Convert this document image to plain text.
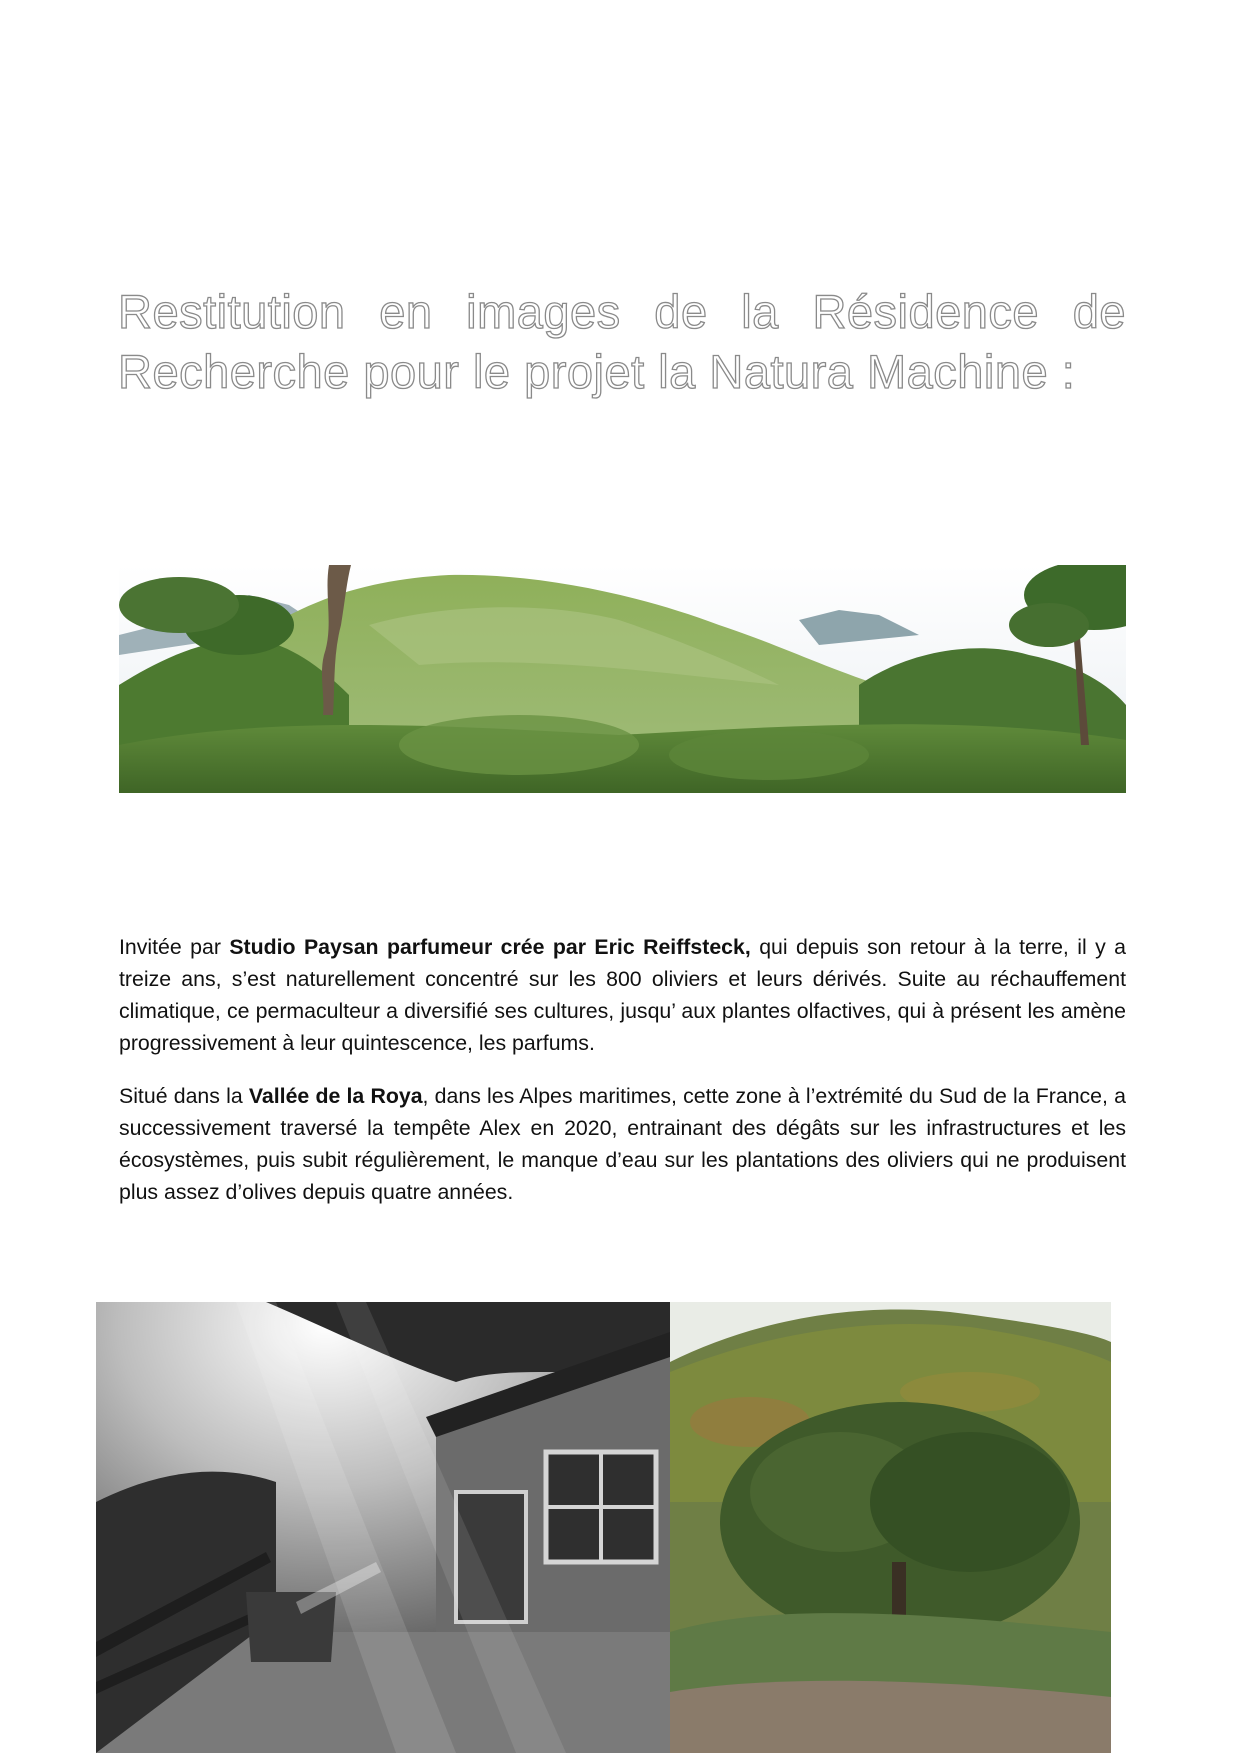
Restitution en images de la Résidence de
Recherche pour le projet la Natura Machine :

Invitée par Studio Paysan parfumeur crée par Eric Reiffsteck, qui depuis son retour à la terre, il y a treize ans, s’est naturellement concentré sur les 800 oliviers et leurs dérivés. Suite au réchauffement climatique, ce permaculteur a diversifié ses cultures, jusqu’ aux plantes olfactives, qui à présent les amène progressivement à leur quintescence, les parfums.

Situé dans la Vallée de la Roya, dans les Alpes maritimes, cette zone à l’extrémité du Sud de la France, a successivement traversé la tempête Alex en 2020, entrainant des dégâts sur les infrastructures et les écosystèmes, puis subit régulièrement, le manque d’eau sur les plantations des oliviers qui ne produisent plus assez d’olives depuis quatre années.
